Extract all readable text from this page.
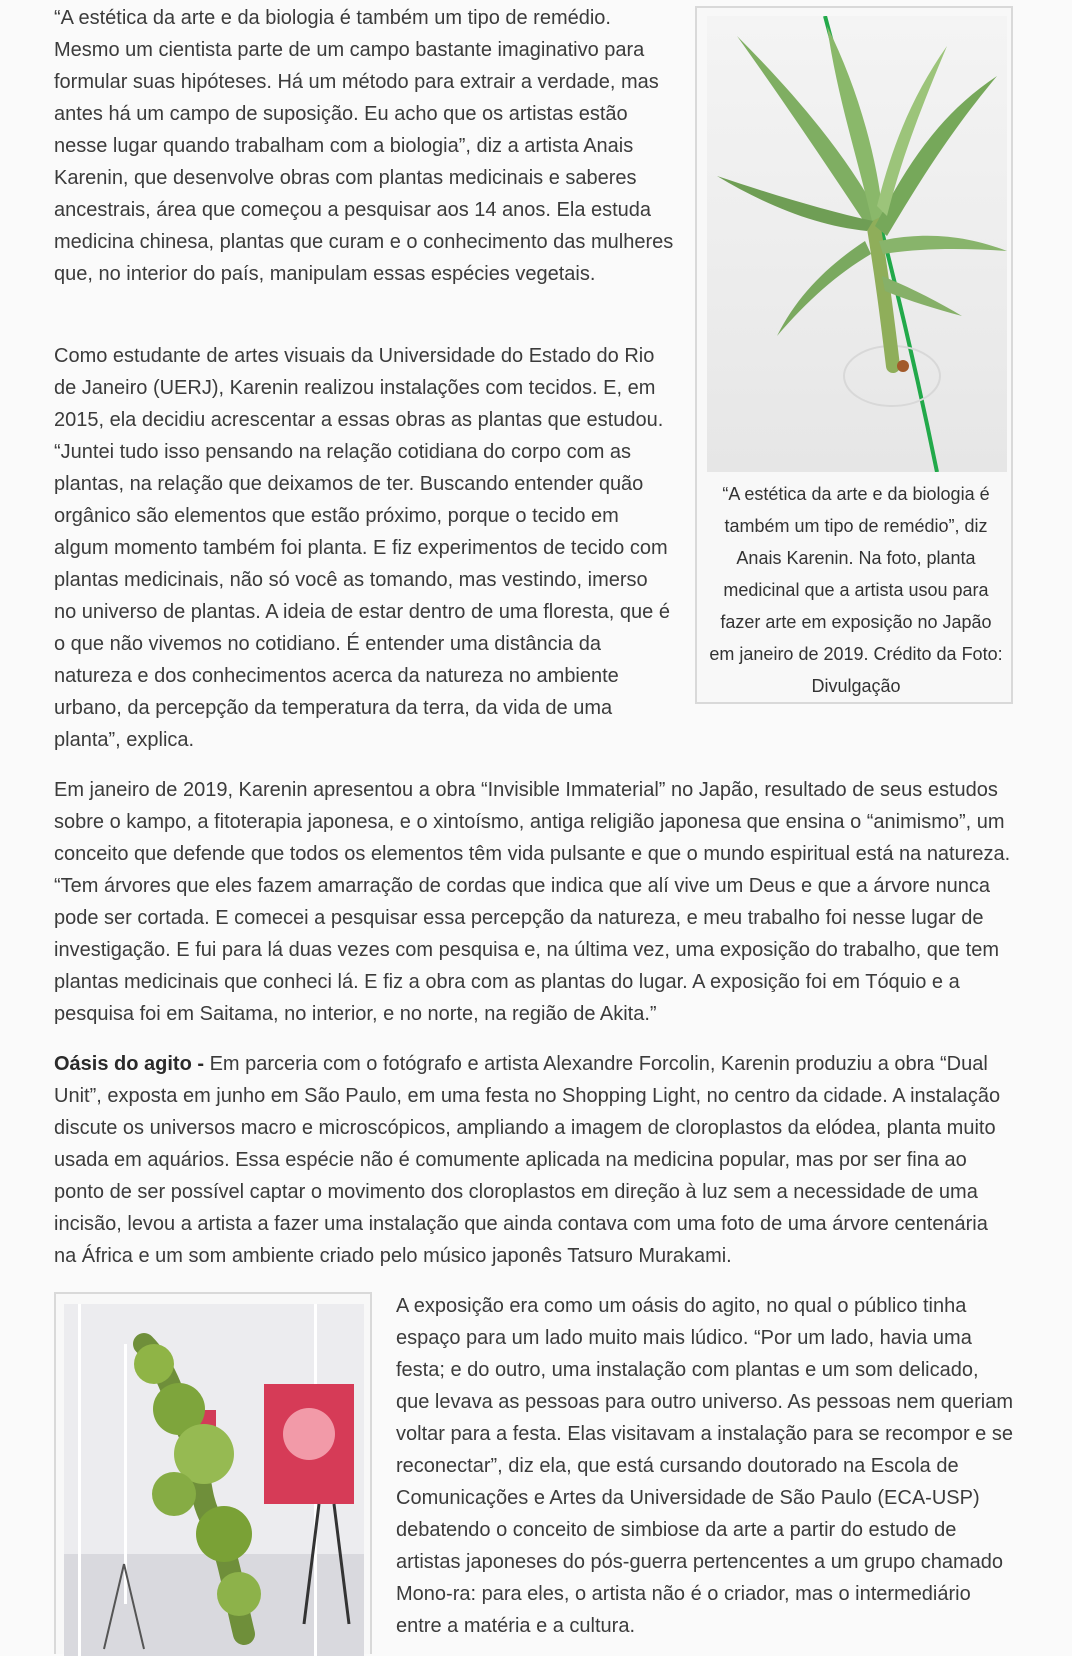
“A estética da arte e da biologia é também um tipo de remédio. Mesmo um cientista parte de um campo bastante imaginativo para formular suas hipóteses. Há um método para extrair a verdade, mas antes há um campo de suposição. Eu acho que os artistas estão nesse lugar quando trabalham com a biologia”, diz a artista Anais Karenin, que desenvolve obras com plantas medicinais e saberes ancestrais, área que começou a pesquisar aos 14 anos. Ela estuda medicina chinesa, plantas que curam e o conhecimento das mulheres que, no interior do país, manipulam essas espécies vegetais.

Como estudante de artes visuais da Universidade do Estado do Rio de Janeiro (UERJ), Karenin realizou instalações com tecidos. E, em 2015, ela decidiu acrescentar a essas obras as plantas que estudou. “Juntei tudo isso pensando na relação cotidiana do corpo com as plantas, na relação que deixamos de ter. Buscando entender quão orgânico são elementos que estão próximo, porque o tecido em algum momento também foi planta. E fiz experimentos de tecido com plantas medicinais, não só você as tomando, mas vestindo, imerso no universo de plantas. A ideia de estar dentro de uma floresta, que é o que não vivemos no cotidiano. É entender uma distância da natureza e dos conhecimentos acerca da natureza no ambiente urbano, da percepção da temperatura da terra, da vida de uma planta”, explica.

“A estética da arte e da biologia é também um tipo de remédio”, diz Anais Karenin. Na foto, planta medicinal que a artista usou para fazer arte em exposição no Japão em janeiro de 2019. Crédito da Foto: Divulgação

Em janeiro de 2019, Karenin apresentou a obra “Invisible Immaterial” no Japão, resultado de seus estudos sobre o kampo, a fitoterapia japonesa, e o xintoísmo, antiga religião japonesa que ensina o “animismo”, um conceito que defende que todos os elementos têm vida pulsante e que o mundo espiritual está na natureza. “Tem árvores que eles fazem amarração de cordas que indica que alí vive um Deus e que a árvore nunca pode ser cortada. E comecei a pesquisar essa percepção da natureza, e meu trabalho foi nesse lugar de investigação. E fui para lá duas vezes com pesquisa e, na última vez, uma exposição do trabalho, que tem plantas medicinais que conheci lá. E fiz a obra com as plantas do lugar. A exposição foi em Tóquio e a pesquisa foi em Saitama, no interior, e no norte, na região de Akita.”

Oásis do agito - Em parceria com o fotógrafo e artista Alexandre Forcolin, Karenin produziu a obra “Dual Unit”, exposta em junho em São Paulo, em uma festa no Shopping Light, no centro da cidade. A instalação discute os universos macro e microscópicos, ampliando a imagem de cloroplastos da elódea, planta muito usada em aquários. Essa espécie não é comumente aplicada na medicina popular, mas por ser fina ao ponto de ser possível captar o movimento dos cloroplastos em direção à luz sem a necessidade de uma incisão, levou a artista a fazer uma instalação que ainda contava com uma foto de uma árvore centenária na África e um som ambiente criado pelo músico japonês Tatsuro Murakami.

A exposição era como um oásis do agito, no qual o público tinha espaço para um lado muito mais lúdico. “Por um lado, havia uma festa; e do outro, uma instalação com plantas e um som delicado, que levava as pessoas para outro universo. As pessoas nem queriam voltar para a festa. Elas visitavam a instalação para se recompor e se reconectar”, diz ela, que está cursando doutorado na Escola de Comunicações e Artes da Universidade de São Paulo (ECA-USP) debatendo o conceito de simbiose da arte a partir do estudo de artistas japoneses do pós-guerra pertencentes a um grupo chamado Mono-ra: para eles, o artista não é o criador, mas o intermediário entre a matéria e a cultura.
